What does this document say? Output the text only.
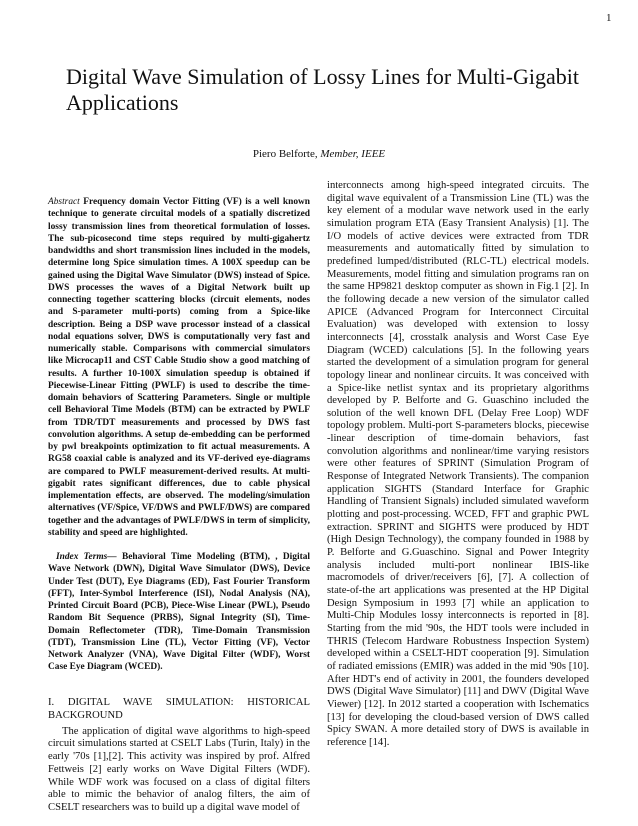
1
Digital Wave Simulation of Lossy Lines for Multi-Gigabit Applications
Piero Belforte, Member, IEEE

Abstract Frequency domain Vector Fitting (VF) is a well known technique to generate circuital models of a spatially discretized lossy transmission lines from theoretical formulation of losses. The sub-picosecond time steps required by multi-gigahertz bandwidths and short transmission lines included in the models, determine long Spice simulation times. A 100X speedup can be gained using the Digital Wave Simulator (DWS) instead of Spice. DWS processes the waves of a Digital Network built up connecting together scattering blocks (circuit elements, nodes and S-parameter multi-ports) coming from a Spice-like description. Being a DSP wave processor instead of a classical nodal equations solver, DWS is computationally very fast and numerically stable. Comparisons with commercial simulators like Microcap11 and CST Cable Studio show a good matching of results. A further 10-100X simulation speedup is obtained if Piecewise-Linear Fitting (PWLF) is used to describe the time-domain behaviors of Scattering Parameters. Single or multiple cell Behavioral Time Models (BTM) can be extracted by PWLF from TDR/TDT measurements and processed by DWS fast convolution algorithms. A setup de-embedding can be performed by pwl breakpoints optimization to fit actual measurements. A RG58 coaxial cable is analyzed and its VF-derived eye-diagrams are compared to PWLF measurement-derived results. At multi-gigabit rates significant differences, due to cable physical implementation effects, are observed. The modeling/simulation alternatives (VF/Spice, VF/DWS and PWLF/DWS) are compared together and the advantages of PWLF/DWS in term of simplicity, stability and speed are highlighted.

Index Terms— Behavioral Time Modeling (BTM), , Digital Wave Network (DWN), Digital Wave Simulator (DWS), Device Under Test (DUT), Eye Diagrams (ED), Fast Fourier Transform (FFT), Inter-Symbol Interference (ISI), Nodal Analysis (NA), Printed Circuit Board (PCB), Piece-Wise Linear (PWL), Pseudo Random Bit Sequence (PRBS), Signal Integrity (SI), Time-Domain Reflectometer (TDR), Time-Domain Transmission (TDT), Transmission Line (TL), Vector Fitting (VF), Vector Network Analyzer (VNA), Wave Digital Filter (WDF), Worst Case Eye Diagram (WCED).

I. DIGITAL WAVE SIMULATION: HISTORICAL BACKGROUND

The application of digital wave algorithms to high-speed circuit simulations started at CSELT Labs (Turin, Italy) in the early '70s [1],[2]. This activity was inspired by prof. Alfred Fettweis [2] early works on Wave Digital Filters (WDF). While WDF work was focused on a class of digital filters able to mimic the behavior of analog filters, the aim of CSELT researchers was to build up a digital wave model of

interconnects among high-speed integrated circuits. The digital wave equivalent of a Transmission Line (TL) was the key element of a modular wave network used in the early simulation program ETA (Easy Transient Analysis) [1]. The I/O models of active devices were extracted from TDR measurements and automatically fitted by simulation to predefined lumped/distributed (RLC-TL) electrical models. Measurements, model fitting and simulation programs ran on the same HP9821 desktop computer as shown in Fig.1 [2]. In the following decade a new version of the simulator called APICE (Advanced Program for Interconnect Circuital Evaluation) was developed with extension to lossy interconnects [4], crosstalk analysis and Worst Case Eye Diagram (WCED) calculations [5]. In the following years started the development of a simulation program for general topology linear and nonlinear circuits. It was conceived with a Spice-like netlist syntax and its proprietary algorithms developed by P. Belforte and G. Guaschino included the solution of the well known DFL (Delay Free Loop) WDF topology problem. Multi-port S-parameters blocks, piecewise -linear description of time-domain behaviors, fast convolution algorithms and nonlinear/time varying resistors were other features of SPRINT (Simulation Program of Response of Integrated Network Transients). The companion application SIGHTS (Standard Interface for Graphic Handling of Transient Signals) included simulated waveform plotting and post-processing. WCED, FFT and graphic PWL extraction. SPRINT and SIGHTS were produced by HDT (High Design Technology), the company founded in 1988 by P. Belforte and G.Guaschino. Signal and Power Integrity analysis included multi-port nonlinear IBIS-like macromodels of driver/receivers [6], [7]. A collection of state-of-the art applications was presented at the HP Digital Design Symposium in 1993 [7] while an application to Multi-Chip Modules lossy interconnects is reported in [8]. Starting from the mid '90s, the HDT tools were included in THRIS (Telecom Hardware Robustness Inspection System) developed within a CSELT-HDT cooperation [9]. Simulation of radiated emissions (EMIR) was added in the mid '90s [10]. After HDT's end of activity in 2001, the founders developed DWS (Digital Wave Simulator) [11] and DWV (Digital Wave Viewer) [12]. In 2012 started a cooperation with Ischematics [13] for developing the cloud-based version of DWS called Spicy SWAN. A more detailed story of DWS is available in reference [14].
